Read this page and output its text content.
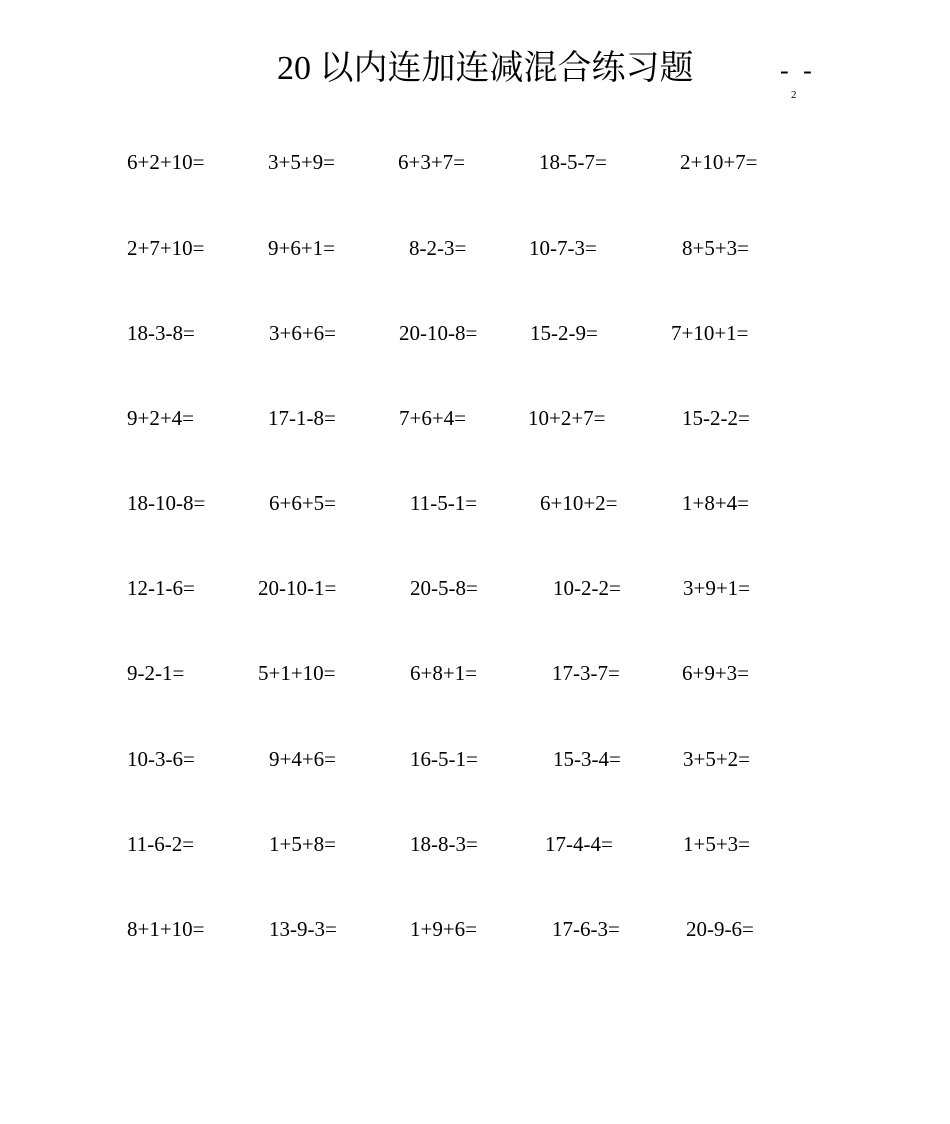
20 以内连加连减混合练习题	- -
2
6+2+10=	3+5+9=	6+3+7=	18-5-7=	2+10+7=
2+7+10=	9+6+1=	8-2-3=	10-7-3=	8+5+3=
18-3-8=	3+6+6=	20-10-8=	15-2-9=	7+10+1=
9+2+4=	17-1-8=	7+6+4=	10+2+7=	15-2-2=
18-10-8=	6+6+5=	11-5-1=	6+10+2=	1+8+4=
12-1-6=	20-10-1=	20-5-8=	10-2-2=	3+9+1=
9-2-1=	5+1+10=	6+8+1=	17-3-7=	6+9+3=
10-3-6=	9+4+6=	16-5-1=	15-3-4=	3+5+2=
11-6-2=	1+5+8=	18-8-3=	17-4-4=	1+5+3=
8+1+10=	13-9-3=	1+9+6=	17-6-3=	20-9-6=
